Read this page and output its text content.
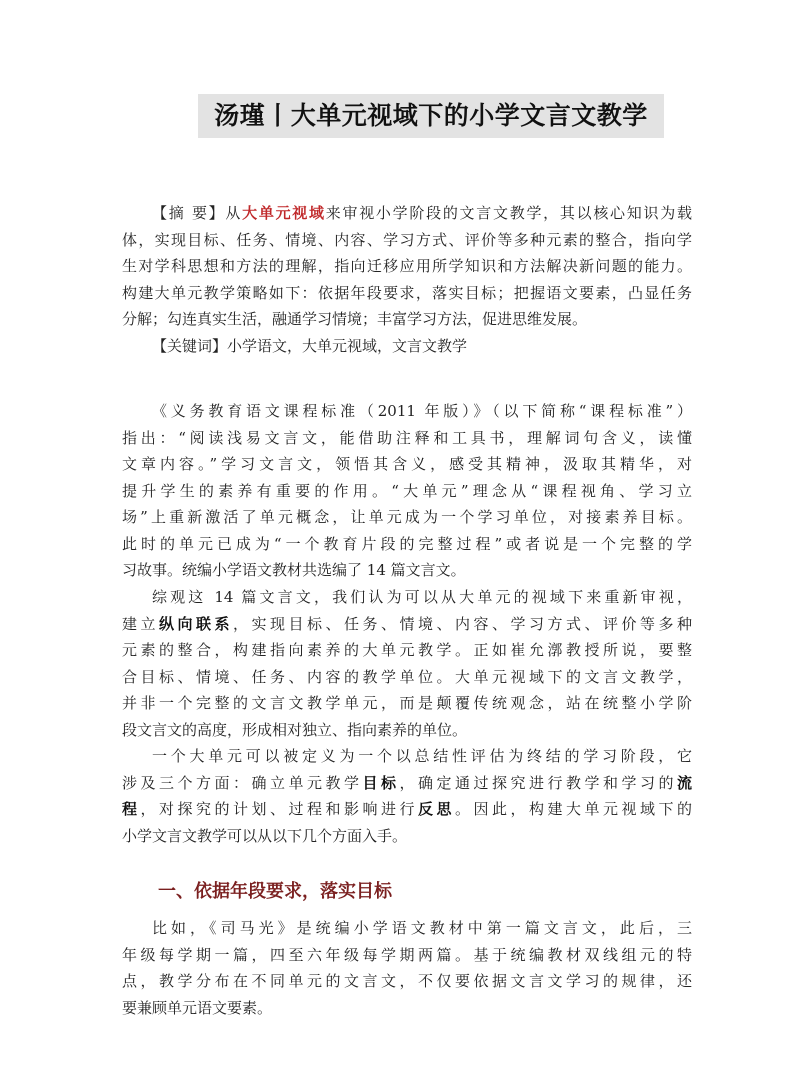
汤瑾丨大单元视域下的小学文言文教学
【摘 要】从大单元视域来审视小学阶段的文言文教学，其以核心知识为载
体，实现目标、任务、情境、内容、学习方式、评价等多种元素的整合，指向学
生对学科思想和方法的理解，指向迁移应用所学知识和方法解决新问题的能力。
构建大单元教学策略如下：依据年段要求，落实目标；把握语文要素，凸显任务
分解；勾连真实生活，融通学习情境；丰富学习方法，促进思维发展。
【关键词】小学语文，大单元视域，文言文教学
《义务教育语文课程标准（2011 年版）》（以下简称“课程标准”）
指出：“阅读浅易文言文，能借助注释和工具书，理解词句含义，读懂
文章内容。”学习文言文，领悟其含义，感受其精神，汲取其精华，对
提升学生的素养有重要的作用。“大单元”理念从“课程视角、学习立
场”上重新激活了单元概念，让单元成为一个学习单位，对接素养目标。
此时的单元已成为“一个教育片段的完整过程”或者说是一个完整的学
习故事。统编小学语文教材共选编了 14 篇文言文。
综观这 14 篇文言文，我们认为可以从大单元的视域下来重新审视，
建立纵向联系，实现目标、任务、情境、内容、学习方式、评价等多种
元素的整合，构建指向素养的大单元教学。正如崔允漷教授所说，要整
合目标、情境、任务、内容的教学单位。大单元视域下的文言文教学，
并非一个完整的文言文教学单元，而是颠覆传统观念，站在统整小学阶
段文言文的高度，形成相对独立、指向素养的单位。
一个大单元可以被定义为一个以总结性评估为终结的学习阶段，它
涉及三个方面：确立单元教学目标，确定通过探究进行教学和学习的流
程，对探究的计划、过程和影响进行反思。因此，构建大单元视域下的
小学文言文教学可以从以下几个方面入手。
一、依据年段要求，落实目标
比如，《司马光》是统编小学语文教材中第一篇文言文，此后，三
年级每学期一篇，四至六年级每学期两篇。基于统编教材双线组元的特
点，教学分布在不同单元的文言文，不仅要依据文言文学习的规律，还
要兼顾单元语文要素。
